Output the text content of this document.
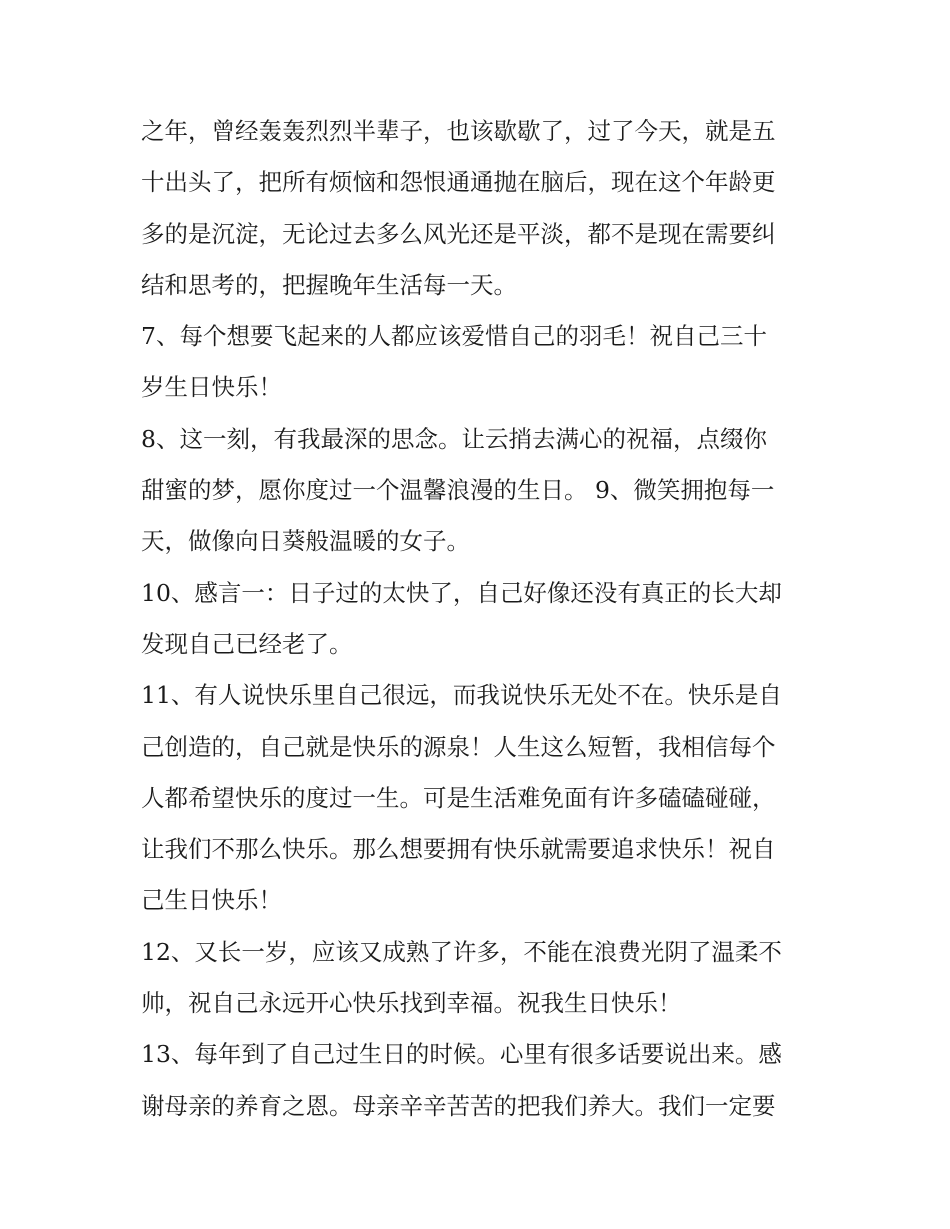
之年，曾经轰轰烈烈半辈子，也该歇歇了，过了今天，就是五
十出头了，把所有烦恼和怨恨通通抛在脑后，现在这个年龄更
多的是沉淀，无论过去多么风光还是平淡，都不是现在需要纠
结和思考的，把握晚年生活每一天。
7、每个想要飞起来的人都应该爱惜自己的羽毛！祝自己三十
岁生日快乐！
8、这一刻，有我最深的思念。让云捎去满心的祝福，点缀你
甜蜜的梦，愿你度过一个温馨浪漫的生日。 9、微笑拥抱每一
天，做像向日葵般温暖的女子。
10、感言一：日子过的太快了，自己好像还没有真正的长大却
发现自己已经老了。
11、有人说快乐里自己很远，而我说快乐无处不在。快乐是自
己创造的，自己就是快乐的源泉！人生这么短暂，我相信每个
人都希望快乐的度过一生。可是生活难免面有许多磕磕碰碰，
让我们不那么快乐。那么想要拥有快乐就需要追求快乐！祝自
己生日快乐！
12、又长一岁，应该又成熟了许多，不能在浪费光阴了温柔不
帅，祝自己永远开心快乐找到幸福。祝我生日快乐！
13、每年到了自己过生日的时候。心里有很多话要说出来。感
谢母亲的养育之恩。母亲辛辛苦苦的把我们养大。我们一定要
